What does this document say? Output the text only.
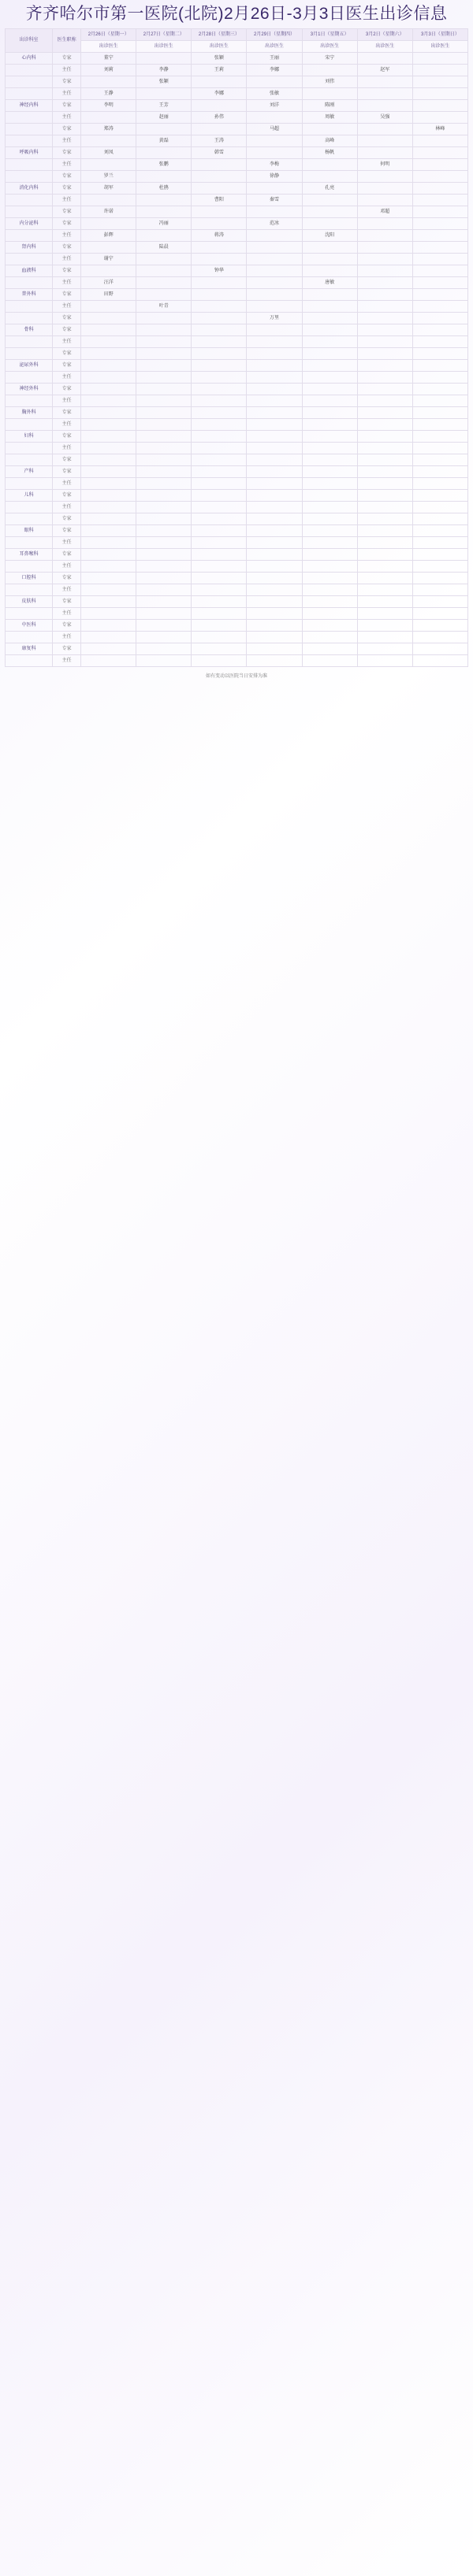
齐齐哈尔市第一医院(北院)2月26日-3月3日医生出诊信息
出诊科室	医生职称	2月26日（星期一）	2月27日（星期二）	2月28日（星期三）	2月29日（星期四）	3月1日（星期五）	3月2日（星期六）	3月3日（星期日）
		出诊医生	出诊医生	出诊医生	出诊医生	出诊医生	出诊医生	出诊医生
心内科	专家	董宁		张颖	王丽	宋宁		
	主任	刘莉	李静	王莉	李娜		赵军	
	专家		张颖			刘伟		
	主任	王静		李娜	张敏			
神经内科	专家	李明	王芳		刘洋	陈刚		
	主任		赵丽	孙伟		周敏	吴强	
	专家	郑涛			马超			林峰
	主任		黄磊	王涛		高峰		
呼吸内科	专家	刘凤		韩雪		杨帆		
	主任		张鹏		李梅		何明	
	专家	罗兰			徐静			
消化内科	专家	胡军	杜鹃			孔亮		
	主任			曹阳	秦雪			
	专家	许诺					邓超	
内分泌科	专家		冯丽		范冰			
	主任	彭辉		蒋涛		沈阳		
肾内科	专家		陆晨					
	主任	谢宁						
血液科	专家			钟华				
	主任	汪洋				唐敏		
普外科	专家	田野						
	主任		叶青					
	专家				万里			
骨科	专家							
	主任							
	专家							
泌尿外科	专家							
	主任							
神经外科	专家							
	主任							
胸外科	专家							
	主任							
妇科	专家							
	主任							
	专家							
产科	专家							
	主任							
儿科	专家							
	主任							
	专家							
眼科	专家							
	主任							
耳鼻喉科	专家							
	主任							
口腔科	专家							
	主任							
皮肤科	专家							
	主任							
中医科	专家							
	主任							
康复科	专家							
	主任							
如有变动以医院当日安排为准
